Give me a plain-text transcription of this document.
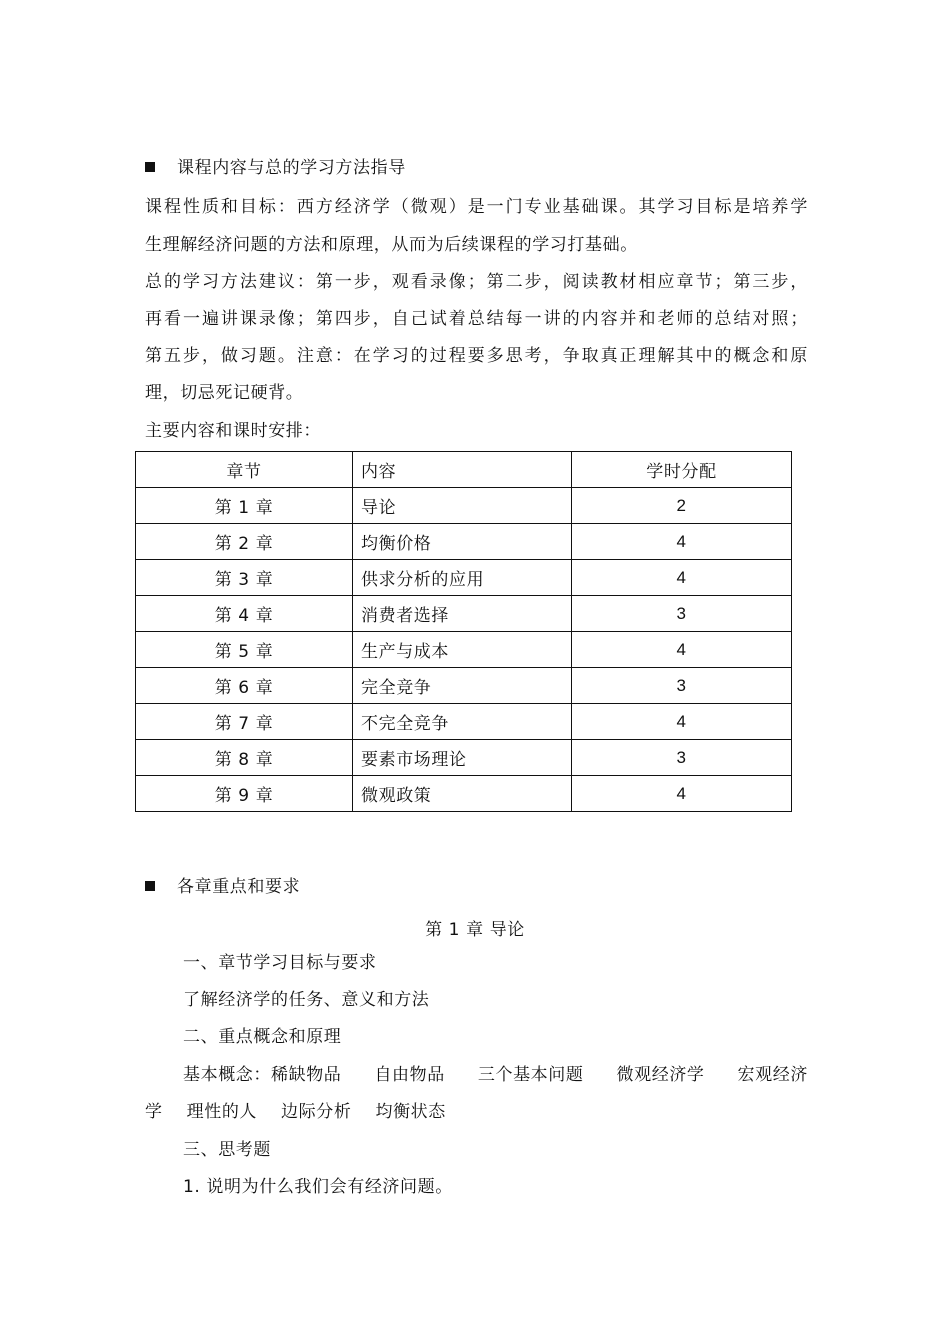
课程内容与总的学习方法指导
课程性质和目标：西方经济学（微观）是一门专业基础课。其学习目标是培养学
生理解经济问题的方法和原理，从而为后续课程的学习打基础。
总的学习方法建议：第一步，观看录像；第二步，阅读教材相应章节；第三步，
再看一遍讲课录像；第四步，自己试着总结每一讲的内容并和老师的总结对照；
第五步，做习题。注意：在学习的过程要多思考，争取真正理解其中的概念和原
理，切忌死记硬背。
主要内容和课时安排：
章节	内容	学时分配
第 1 章	导论	2
第 2 章	均衡价格	4
第 3 章	供求分析的应用	4
第 4 章	消费者选择	3
第 5 章	生产与成本	4
第 6 章	完全竞争	3
第 7 章	不完全竞争	4
第 8 章	要素市场理论	3
第 9 章	微观政策	4
各章重点和要求
第 1 章 导论
一、章节学习目标与要求
了解经济学的任务、意义和方法
二、重点概念和原理
基本概念：稀缺物品 自由物品 三个基本问题 微观经济学 宏观经济
学 理性的人 边际分析 均衡状态
三、思考题
1. 说明为什么我们会有经济问题。
